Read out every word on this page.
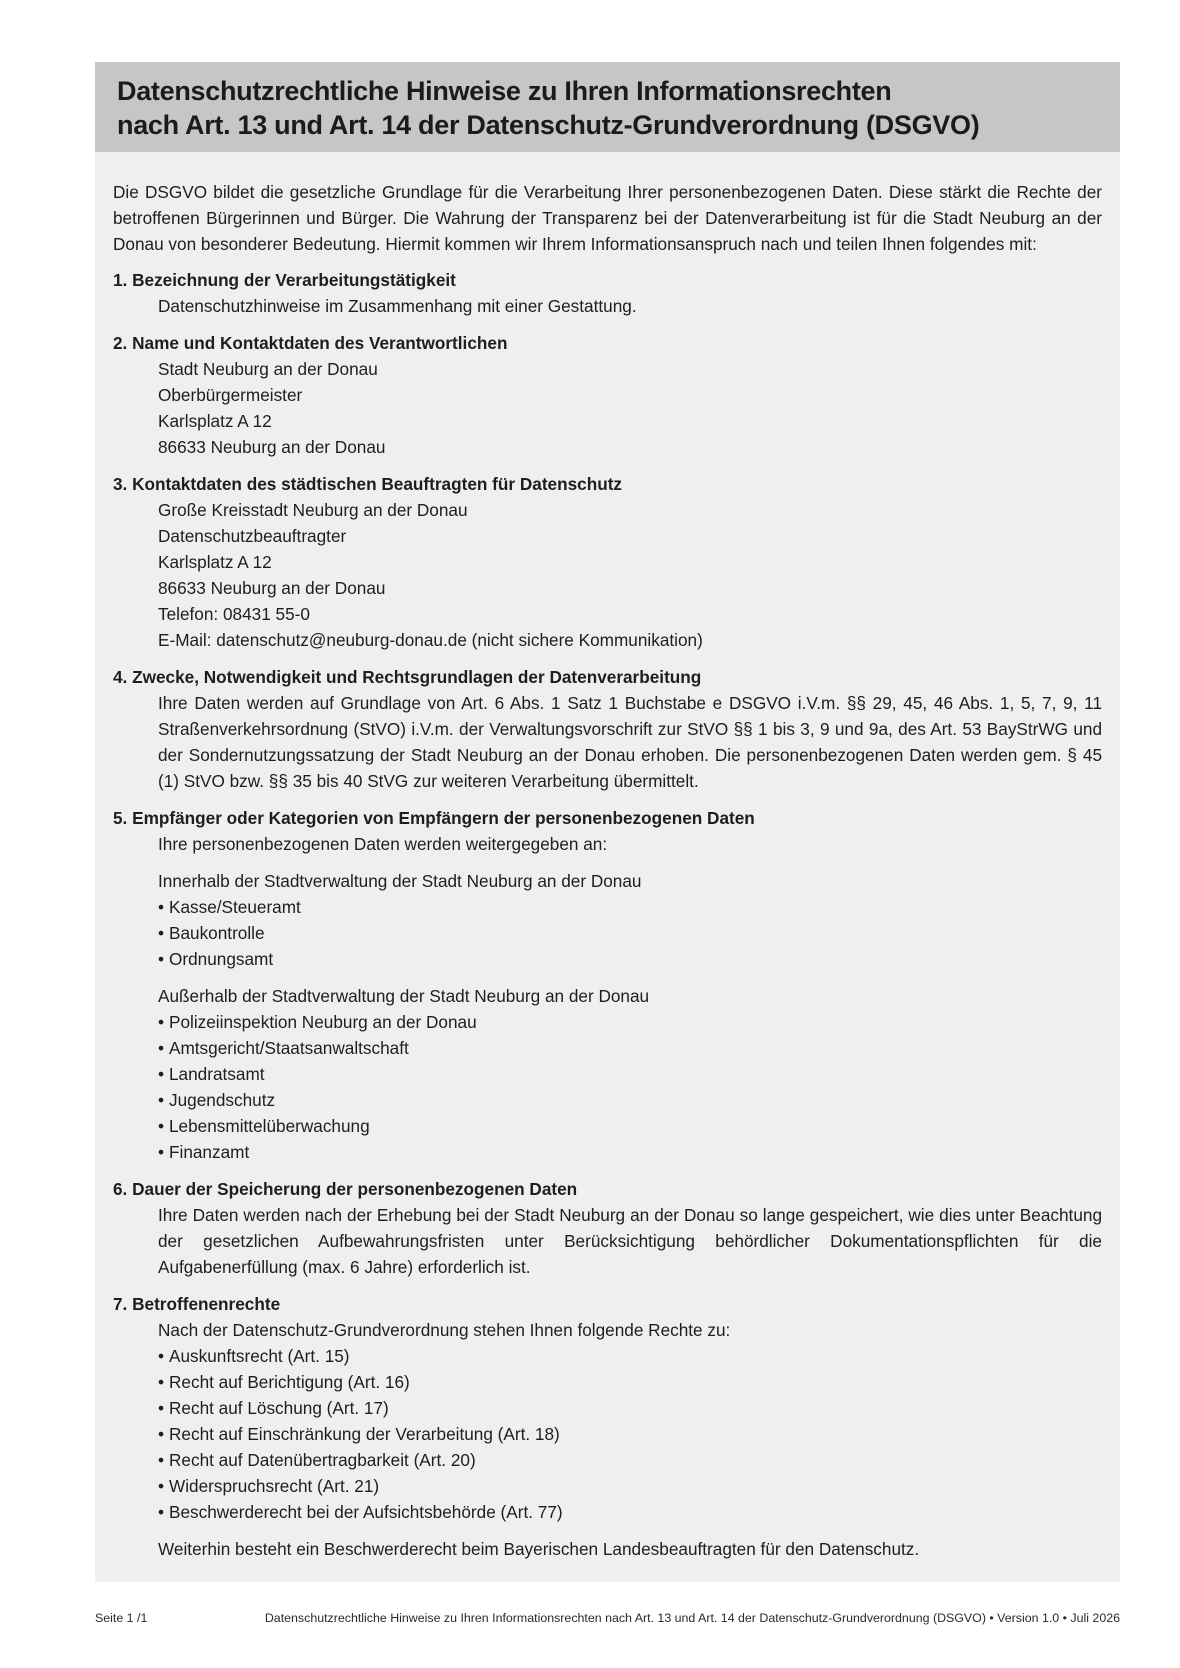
Datenschutzrechtliche Hinweise zu Ihren Informationsrechten
nach Art. 13 und Art. 14 der Datenschutz-Grundverordnung (DSGVO)

Die DSGVO bildet die gesetzliche Grundlage für die Verarbeitung Ihrer personenbezogenen Daten. Diese stärkt die Rechte der betroffenen Bürgerinnen und Bürger. Die Wahrung der Transparenz bei der Datenverarbeitung ist für die Stadt Neuburg an der Donau von besonderer Bedeutung. Hiermit kommen wir Ihrem Informationsanspruch nach und teilen Ihnen folgendes mit:

1. Bezeichnung der Verarbeitungstätigkeit

Datenschutzhinweise im Zusammenhang mit einer Gestattung.

2. Name und Kontaktdaten des Verantwortlichen

Stadt Neuburg an der Donau

Oberbürgermeister

Karlsplatz A 12

86633 Neuburg an der Donau

3. Kontaktdaten des städtischen Beauftragten für Datenschutz

Große Kreisstadt Neuburg an der Donau

Datenschutzbeauftragter

Karlsplatz A 12

86633 Neuburg an der Donau

Telefon: 08431 55-0

E-Mail: datenschutz@neuburg-donau.de (nicht sichere Kommunikation)

4. Zwecke, Notwendigkeit und Rechtsgrundlagen der Datenverarbeitung

Ihre Daten werden auf Grundlage von Art. 6 Abs. 1 Satz 1 Buchstabe e DSGVO i.V.m. §§ 29, 45, 46 Abs. 1, 5, 7, 9, 11 Straßenverkehrsordnung (StVO) i.V.m. der Verwaltungsvorschrift zur StVO §§ 1 bis 3, 9 und 9a, des Art. 53 BayStrWG und der Sondernutzungssatzung der Stadt Neuburg an der Donau erhoben. Die personenbezogenen Daten werden gem. § 45 (1) StVO bzw. §§ 35 bis 40 StVG zur weiteren Verarbeitung übermittelt.

5. Empfänger oder Kategorien von Empfängern der personenbezogenen Daten

Ihre personenbezogenen Daten werden weitergegeben an:

Innerhalb der Stadtverwaltung der Stadt Neuburg an der Donau

• Kasse/Steueramt
• Baukontrolle
• Ordnungsamt

Außerhalb der Stadtverwaltung der Stadt Neuburg an der Donau

• Polizeiinspektion Neuburg an der Donau
• Amtsgericht/Staatsanwaltschaft
• Landratsamt
• Jugendschutz
• Lebensmittelüberwachung
• Finanzamt

6. Dauer der Speicherung der personenbezogenen Daten

Ihre Daten werden nach der Erhebung bei der Stadt Neuburg an der Donau so lange gespeichert, wie dies unter Beachtung der gesetzlichen Aufbewahrungsfristen unter Berücksichtigung behördlicher Dokumentationspflichten für die Aufgabenerfüllung (max. 6 Jahre) erforderlich ist.

7. Betroffenenrechte

Nach der Datenschutz-Grundverordnung stehen Ihnen folgende Rechte zu:

• Auskunftsrecht (Art. 15)
• Recht auf Berichtigung (Art. 16)
• Recht auf Löschung (Art. 17)
• Recht auf Einschränkung der Verarbeitung (Art. 18)
• Recht auf Datenübertragbarkeit (Art. 20)
• Widerspruchsrecht (Art. 21)
• Beschwerderecht bei der Aufsichtsbehörde (Art. 77)

Weiterhin besteht ein Beschwerderecht beim Bayerischen Landesbeauftragten für den Datenschutz.

Seite 1 /1	Datenschutzrechtliche Hinweise zu Ihren Informationsrechten nach Art. 13 und Art. 14 der Datenschutz-Grundverordnung (DSGVO) • Version 1.0 • Juli 2026
